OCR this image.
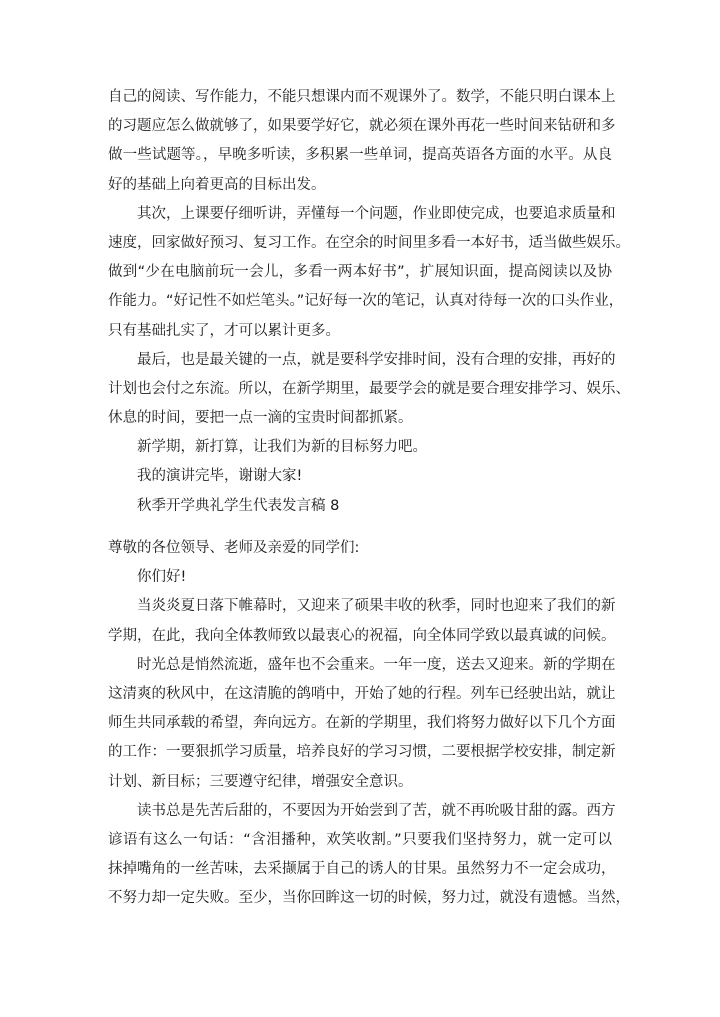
自己的阅读、写作能力，不能只想课内而不观课外了。数学，不能只明白课本上
的习题应怎么做就够了，如果要学好它，就必须在课外再花一些时间来钻研和多
做一些试题等。，早晚多听读，多积累一些单词，提高英语各方面的水平。从良
好的基础上向着更高的目标出发。
其次，上课要仔细听讲，弄懂每一个问题，作业即使完成，也要追求质量和
速度，回家做好预习、复习工作。在空余的时间里多看一本好书，适当做些娱乐。
做到“少在电脑前玩一会儿，多看一两本好书”，扩展知识面，提高阅读以及协
作能力。“好记性不如烂笔头。”记好每一次的笔记，认真对待每一次的口头作业，
只有基础扎实了，才可以累计更多。
最后，也是最关键的一点，就是要科学安排时间，没有合理的安排，再好的
计划也会付之东流。所以，在新学期里，最要学会的就是要合理安排学习、娱乐、
休息的时间，要把一点一滴的宝贵时间都抓紧。
新学期，新打算，让我们为新的目标努力吧。
我的演讲完毕，谢谢大家!
秋季开学典礼学生代表发言稿 8
尊敬的各位领导、老师及亲爱的同学们:
你们好!
当炎炎夏日落下帷幕时，又迎来了硕果丰收的秋季，同时也迎来了我们的新
学期，在此，我向全体教师致以最衷心的祝福，向全体同学致以最真诚的问候。
时光总是悄然流逝，盛年也不会重来。一年一度，送去又迎来。新的学期在
这清爽的秋风中，在这清脆的鸽哨中，开始了她的行程。列车已经驶出站，就让
师生共同承载的希望，奔向远方。在新的学期里，我们将努力做好以下几个方面
的工作：一要狠抓学习质量，培养良好的学习习惯，二要根据学校安排，制定新
计划、新目标；三要遵守纪律，增强安全意识。
读书总是先苦后甜的，不要因为开始尝到了苦，就不再吮吸甘甜的露。西方
谚语有这么一句话：“含泪播种，欢笑收割。”只要我们坚持努力，就一定可以
抹掉嘴角的一丝苦味，去采撷属于自己的诱人的甘果。虽然努力不一定会成功，
不努力却一定失败。至少，当你回眸这一切的时候，努力过，就没有遗憾。当然，
